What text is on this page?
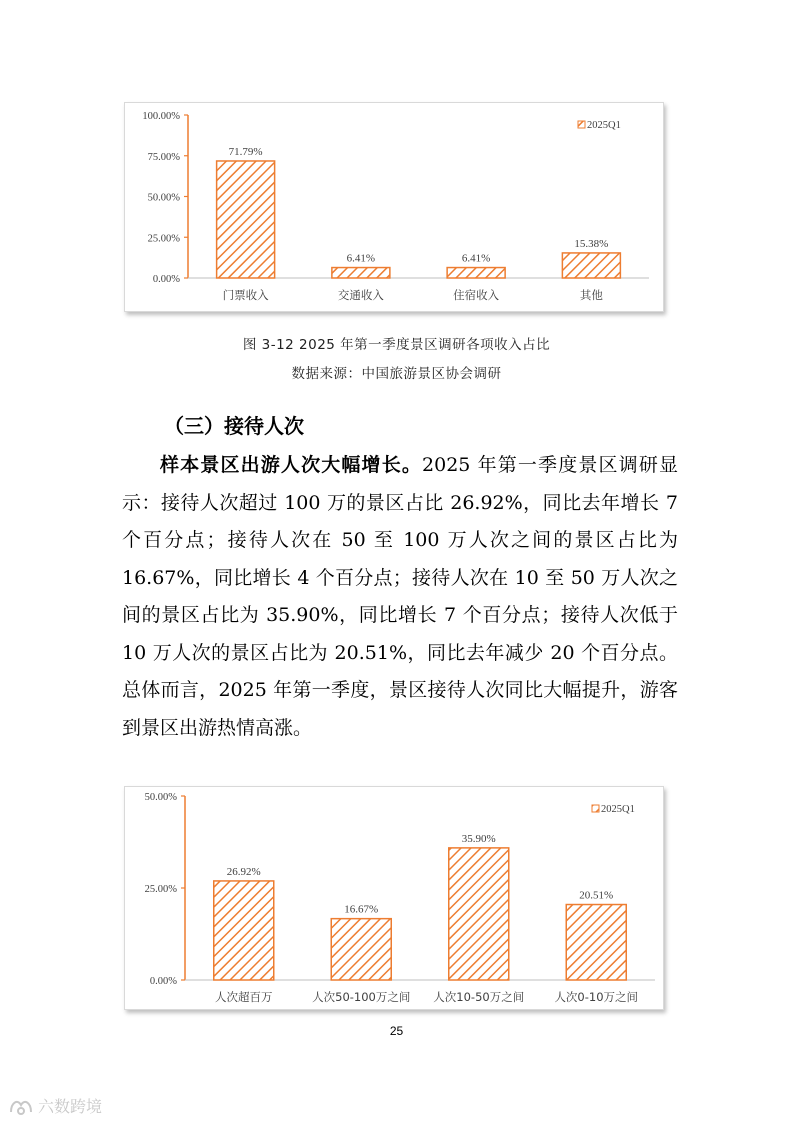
100.00%
75.00%
50.00%
25.00%
0.00%
71.79%
门票收入
6.41%
交通收入
6.41%
住宿收入
15.38%
其他
2025Q1
图 3-12 2025 年第一季度景区调研各项收入占比
数据来源：中国旅游景区协会调研
（三）接待人次
样本景区出游人次大幅增长。2025 年第一季度景区调研显示：接待人次超过 100 万的景区占比 26.92%，同比去年增长 7 个百分点；接待人次在 50 至 100 万人次之间的景区占比为 16.67%，同比增长 4 个百分点；接待人次在 10 至 50 万人次之间的景区占比为 35.90%，同比增长 7 个百分点；接待人次低于 10 万人次的景区占比为 20.51%，同比去年减少 20 个百分点。总体而言，2025 年第一季度，景区接待人次同比大幅提升，游客到景区出游热情高涨。
50.00%
25.00%
0.00%
26.92%
人次超百万
16.67%
人次50-100万之间
35.90%
人次10-50万之间
20.51%
人次0-10万之间
2025Q1
25
六数跨境
